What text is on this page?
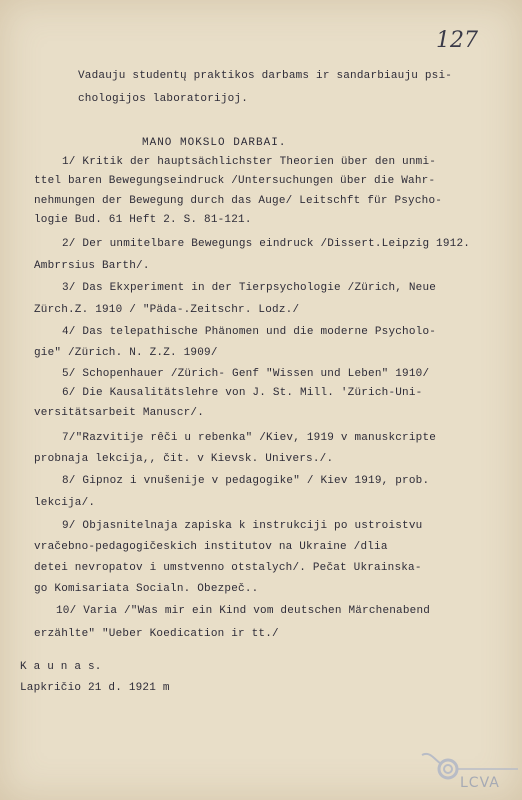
127
Vadauju studentų praktikos darbams ir sandarbiauju psi-
chologijos laboratorijoj.
MANO MOKSLO DARBAI.
1/ Kritik der hauptsächlichster Theorien über den unmi-
ttel baren Bewegungseindruck /Untersuchungen über die Wahr-
nehmungen der Bewegung durch das Auge/ Leitschft für Psycho-
logie Bud. 61 Heft 2. S. 81-121.
2/ Der unmitelbare Bewegungs eindruck /Dissert.Leipzig 1912.
Ambrrsius Barth/.
3/ Das Ekxperiment in der Tierpsychologie /Zürich, Neue
Zürch.Z. 1910 / "Päda-.Zeitschr. Lodz./
4/ Das telepathische Phänomen und die moderne Psycholo-
gie" /Zürich. N. Z.Z. 1909/
5/ Schopenhauer /Zürich- Genf "Wissen und Leben" 1910/
6/ Die Kausalitätslehre von J. St. Mill. 'Zürich-Uni-
versitätsarbeit Manuscr/.
7/"Razvitije rêči u rebenka" /Kiev, 1919 v manuskcripte
probnaja lekcija,, čit. v Kievsk. Univers./.
8/ Gipnoz i vnušenije v pedagogike" / Kiev 1919, prob.
lekcija/.
9/ Objasnitelnaja zapiska k instrukciji po ustroistvu
vračebno-pedagogičeskich institutov na Ukraine /dlia
detei nevropatov i umstvenno otstalych/. Pečat Ukrainska-
go Komisariata Socialn. Obezpeč..
10/ Varia /"Was mir ein Kind vom deutschen Märchenabend
erzählte" "Ueber Koedication ir tt./
K a u n a s.
Lapkričio 21 d. 1921 m
LCVA
